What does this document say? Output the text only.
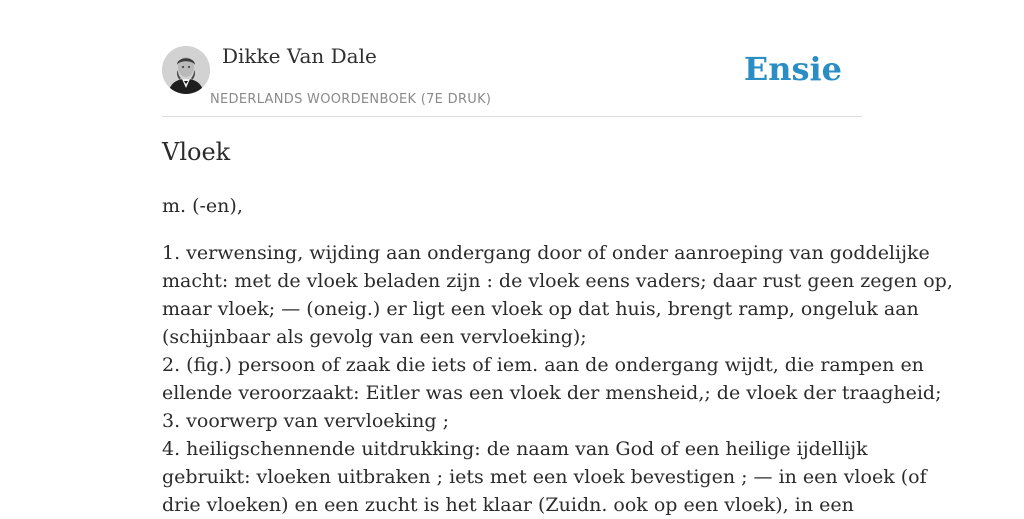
Dikke Van Dale
NEDERLANDS WOORDENBOEK (7E DRUK)
Ensie
Vloek

m. (-en),

1. verwensing, wijding aan ondergang door of onder aanroeping van goddelijke
macht: met de vloek beladen zijn : de vloek eens vaders; daar rust geen zegen op,
maar vloek; — (oneig.) er ligt een vloek op dat huis, brengt ramp, ongeluk aan
(schijnbaar als gevolg van een vervloeking);
2. (fig.) persoon of zaak die iets of iem. aan de ondergang wijdt, die rampen en
ellende veroorzaakt: Eitler was een vloek der mensheid,; de vloek der traagheid;
3. voorwerp van vervloeking ;
4. heiligschennende uitdrukking: de naam van God of een heilige ijdellijk
gebruikt: vloeken uitbraken ; iets met een vloek bevestigen ; — in een vloek (of
drie vloeken) en een zucht is het klaar (Zuidn. ook op een vloek), in een
